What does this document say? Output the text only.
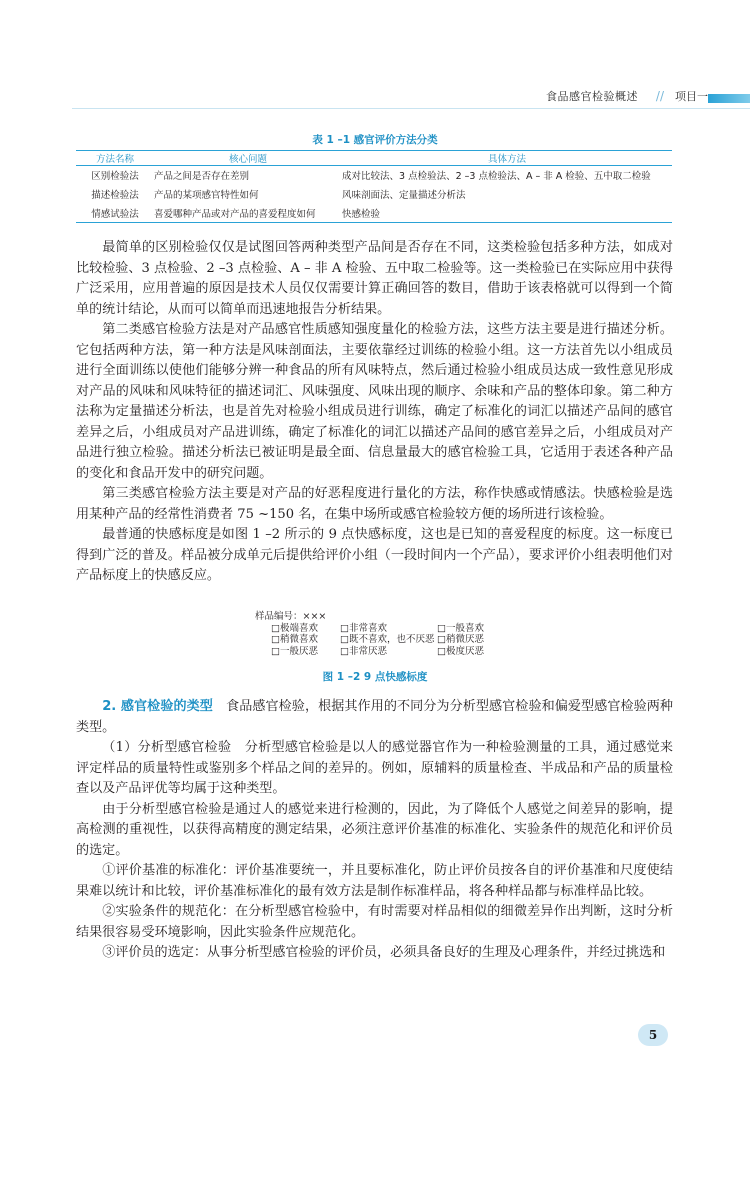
食品感官检验概述 // 项目一
表 1 –1 感官评价方法分类
方法名称	核心问题	具体方法
区别检验法	产品之间是否存在差别	成对比较法、3 点检验法、2 –3 点检验法、A – 非 A 检验、五中取二检验
描述检验法	产品的某项感官特性如何	风味剖面法、定量描述分析法
情感试验法	喜爱哪种产品或对产品的喜爱程度如何	快感检验

最简单的区别检验仅仅是试图回答两种类型产品间是否存在不同，这类检验包括多种方法，如成对比较检验、3 点检验、2 –3 点检验、A – 非 A 检验、五中取二检验等。这一类检验已在实际应用中获得广泛采用，应用普遍的原因是技术人员仅仅需要计算正确回答的数目，借助于该表格就可以得到一个简单的统计结论，从而可以简单而迅速地报告分析结果。

第二类感官检验方法是对产品感官性质感知强度量化的检验方法，这些方法主要是进行描述分析。它包括两种方法，第一种方法是风味剖面法，主要依靠经过训练的检验小组。这一方法首先以小组成员进行全面训练以使他们能够分辨一种食品的所有风味特点，然后通过检验小组成员达成一致性意见形成对产品的风味和风味特征的描述词汇、风味强度、风味出现的顺序、余味和产品的整体印象。第二种方法称为定量描述分析法，也是首先对检验小组成员进行训练，确定了标准化的词汇以描述产品间的感官差异之后，小组成员对产品进训练，确定了标准化的词汇以描述产品间的感官差异之后，小组成员对产品进行独立检验。描述分析法已被证明是最全面、信息量最大的感官检验工具，它适用于表述各种产品的变化和食品开发中的研究问题。

第三类感官检验方法主要是对产品的好恶程度进行量化的方法，称作快感或情感法。快感检验是选用某种产品的经常性消费者 75 ~150 名，在集中场所或感官检验较方便的场所进行该检验。

最普通的快感标度是如图 1 –2 所示的 9 点快感标度，这也是已知的喜爱程度的标度。这一标度已得到广泛的普及。样品被分成单元后提供给评价小组（一段时间内一个产品），要求评价小组表明他们对产品标度上的快感反应。

样品编号：×××
□极端喜欢	□非常喜欢	□一般喜欢
□稍微喜欢	□既不喜欢，也不厌恶 □稍微厌恶
□一般厌恶	□非常厌恶	□极度厌恶
图 1 –2 9 点快感标度

2. 感官检验的类型　 食品感官检验，根据其作用的不同分为分析型感官检验和偏爱型感官检验两种类型。

（1）分析型感官检验　分析型感官检验是以人的感觉器官作为一种检验测量的工具，通过感觉来评定样品的质量特性或鉴别多个样品之间的差异的。例如，原辅料的质量检查、半成品和产品的质量检查以及产品评优等均属于这种类型。

由于分析型感官检验是通过人的感觉来进行检测的，因此，为了降低个人感觉之间差异的影响，提高检测的重视性，以获得高精度的测定结果，必须注意评价基准的标准化、实验条件的规范化和评价员的选定。

①评价基准的标准化：评价基准要统一，并且要标准化，防止评价员按各自的评价基准和尺度使结果难以统计和比较，评价基准标准化的最有效方法是制作标准样品，将各种样品都与标准样品比较。

②实验条件的规范化：在分析型感官检验中，有时需要对样品相似的细微差异作出判断，这时分析结果很容易受环境影响，因此实验条件应规范化。

③评价员的选定：从事分析型感官检验的评价员，必须具备良好的生理及心理条件，并经过挑选和

5
